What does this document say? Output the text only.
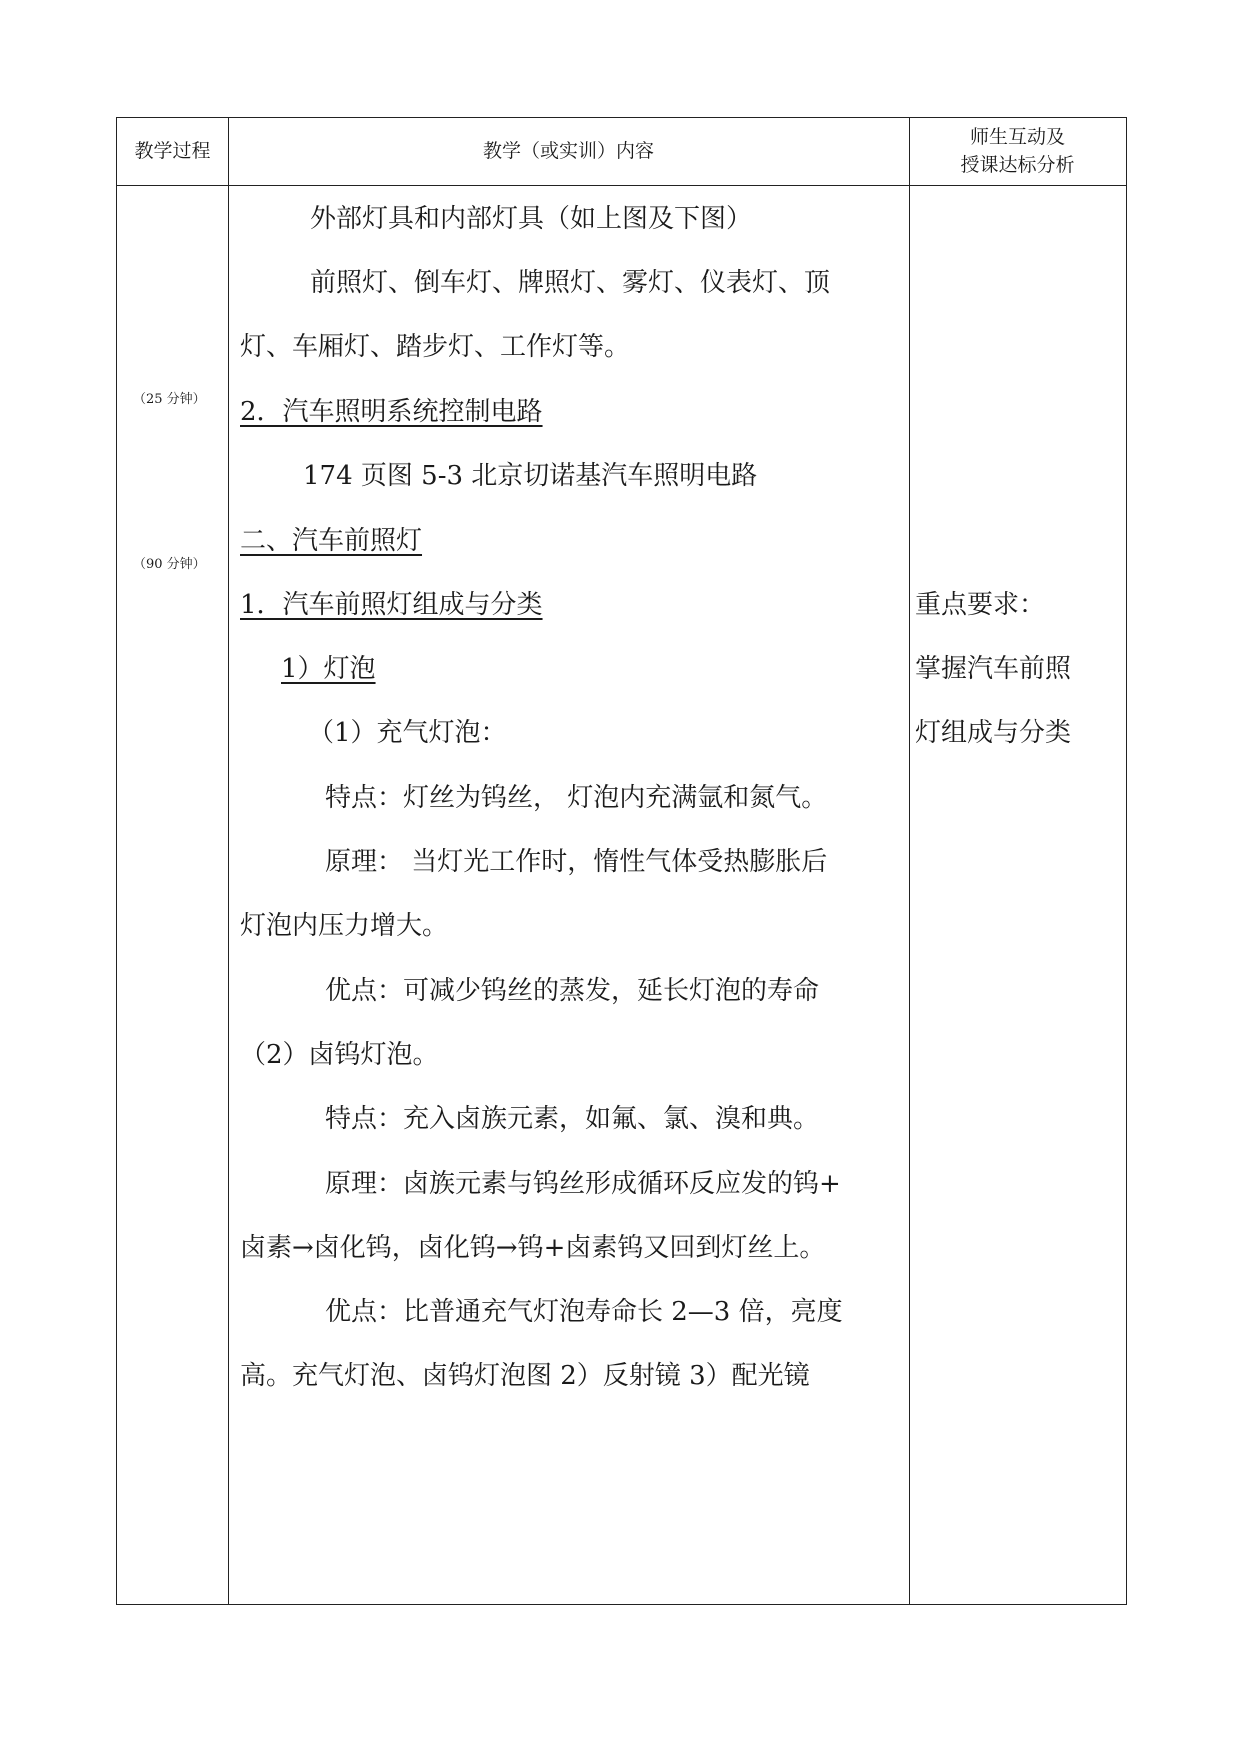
教学过程	教学（或实训）内容
师生互动及
授课达标分析
（25 分钟）
（90 分钟）
外部灯具和内部灯具（如上图及下图）
前照灯、倒车灯、牌照灯、雾灯、仪表灯、顶
灯、车厢灯、踏步灯、工作灯等。
2．汽车照明系统控制电路
174 页图 5-3 北京切诺基汽车照明电路
二、汽车前照灯
1．汽车前照灯组成与分类
1）灯泡
（1）充气灯泡：
特点：灯丝为钨丝， 灯泡内充满氩和氮气。
原理： 当灯光工作时，惰性气体受热膨胀后
灯泡内压力增大。
优点：可减少钨丝的蒸发，延长灯泡的寿命
（2）卤钨灯泡。
特点：充入卤族元素，如氟、氯、溴和典。
原理：卤族元素与钨丝形成循环反应发的钨+
卤素→卤化钨，卤化钨→钨+卤素钨又回到灯丝上。
优点：比普通充气灯泡寿命长 2—3 倍，亮度
高。充气灯泡、卤钨灯泡图 2）反射镜 3）配光镜
重点要求：
掌握汽车前照
灯组成与分类
